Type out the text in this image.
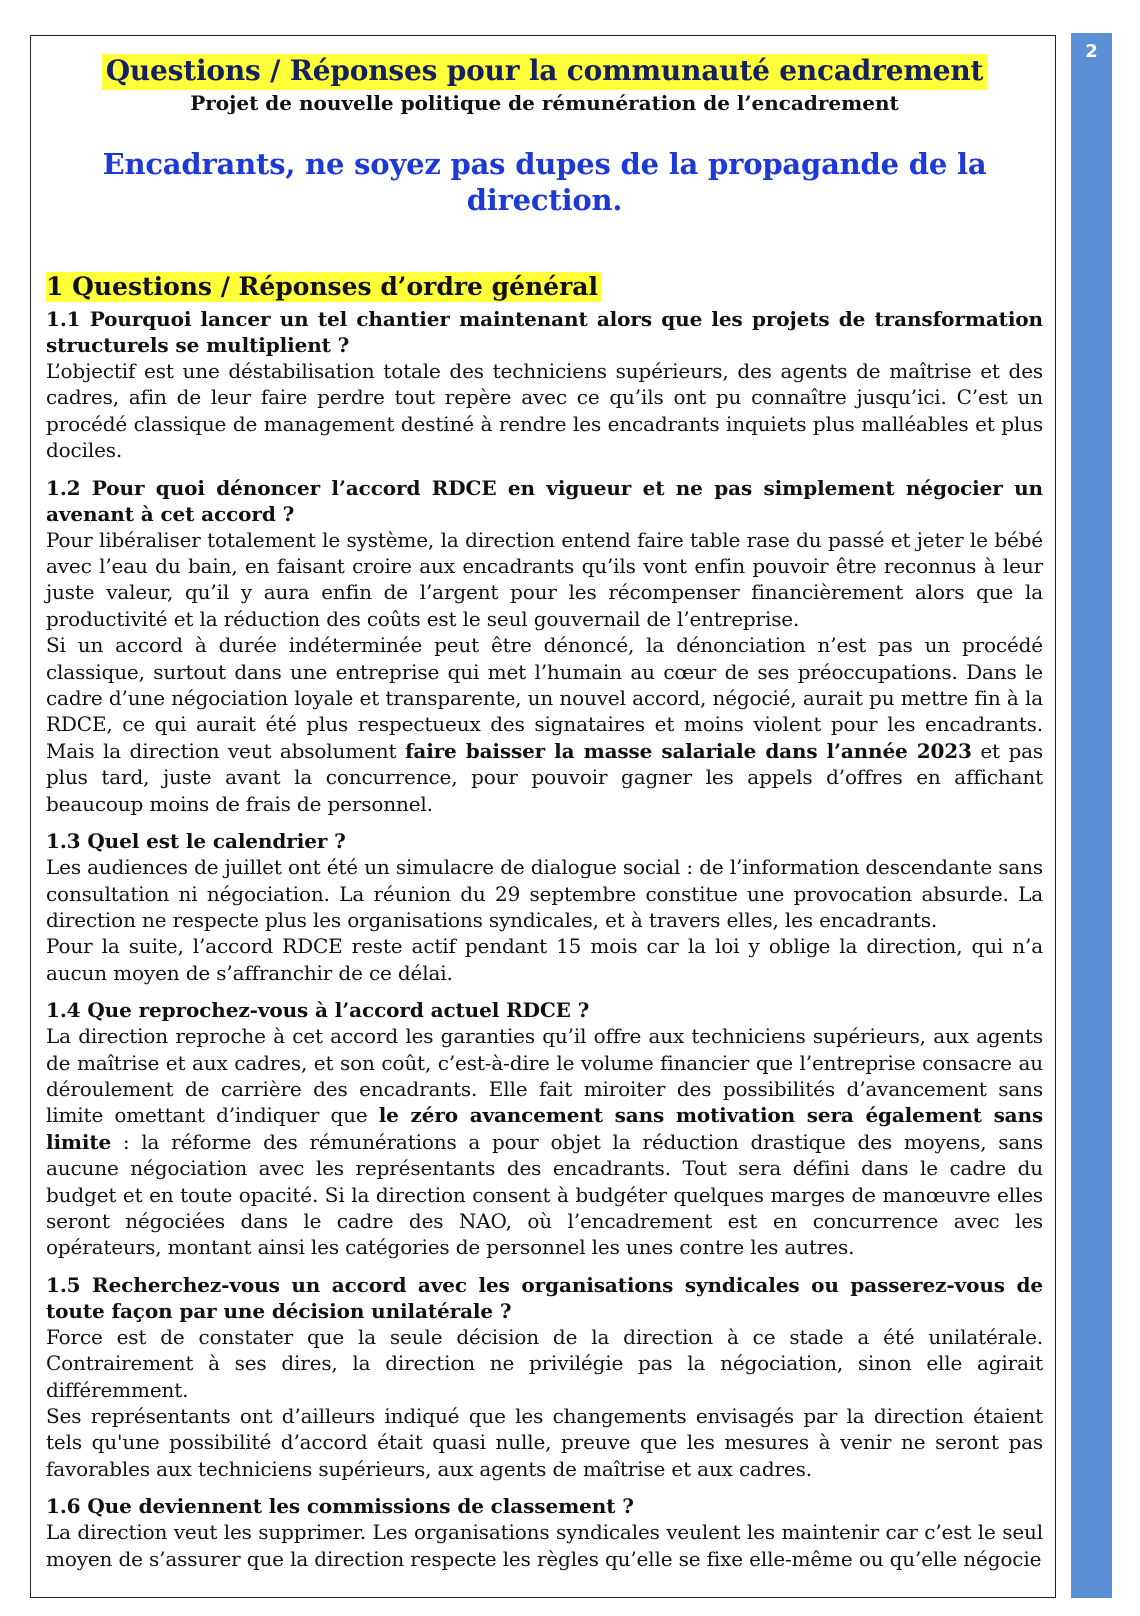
2
Questions / Réponses pour la communauté encadrement
Projet de nouvelle politique de rémunération de l’encadrement
Encadrants, ne soyez pas dupes de la propagande de la direction.
1 Questions / Réponses d’ordre général

1.1 Pourquoi lancer un tel chantier maintenant alors que les projets de transformation structurels se multiplient ?

L’objectif est une déstabilisation totale des techniciens supérieurs, des agents de maîtrise et des cadres, afin de leur faire perdre tout repère avec ce qu’ils ont pu connaître jusqu’ici. C’est un procédé classique de management destiné à rendre les encadrants inquiets plus malléables et plus dociles.

1.2 Pour quoi dénoncer l’accord RDCE en vigueur et ne pas simplement négocier un avenant à cet accord ?

Pour libéraliser totalement le système, la direction entend faire table rase du passé et jeter le bébé avec l’eau du bain, en faisant croire aux encadrants qu’ils vont enfin pouvoir être reconnus à leur juste valeur, qu’il y aura enfin de l’argent pour les récompenser financièrement alors que la productivité et la réduction des coûts est le seul gouvernail de l’entreprise.

Si un accord à durée indéterminée peut être dénoncé, la dénonciation n’est pas un procédé classique, surtout dans une entreprise qui met l’humain au cœur de ses préoccupations. Dans le cadre d’une négociation loyale et transparente, un nouvel accord, négocié, aurait pu mettre fin à la RDCE, ce qui aurait été plus respectueux des signataires et moins violent pour les encadrants. Mais la direction veut absolument faire baisser la masse salariale dans l’année 2023 et pas plus tard, juste avant la concurrence, pour pouvoir gagner les appels d’offres en affichant beaucoup moins de frais de personnel.

1.3 Quel est le calendrier ?

Les audiences de juillet ont été un simulacre de dialogue social : de l’information descendante sans consultation ni négociation. La réunion du 29 septembre constitue une provocation absurde. La direction ne respecte plus les organisations syndicales, et à travers elles, les encadrants.

Pour la suite, l’accord RDCE reste actif pendant 15 mois car la loi y oblige la direction, qui n’a aucun moyen de s’affranchir de ce délai.

1.4 Que reprochez-vous à l’accord actuel RDCE ?

La direction reproche à cet accord les garanties qu’il offre aux techniciens supérieurs, aux agents de maîtrise et aux cadres, et son coût, c’est-à-dire le volume financier que l’entreprise consacre au déroulement de carrière des encadrants. Elle fait miroiter des possibilités d’avancement sans limite omettant d’indiquer que le zéro avancement sans motivation sera également sans limite : la réforme des rémunérations a pour objet la réduction drastique des moyens, sans aucune négociation avec les représentants des encadrants. Tout sera défini dans le cadre du budget et en toute opacité. Si la direction consent à budgéter quelques marges de manœuvre elles seront négociées dans le cadre des NAO, où l’encadrement est en concurrence avec les opérateurs, montant ainsi les catégories de personnel les unes contre les autres.

1.5 Recherchez-vous un accord avec les organisations syndicales ou passerez-vous de toute façon par une décision unilatérale ?

Force est de constater que la seule décision de la direction à ce stade a été unilatérale. Contrairement à ses dires, la direction ne privilégie pas la négociation, sinon elle agirait différemment.

Ses représentants ont d’ailleurs indiqué que les changements envisagés par la direction étaient tels qu'une possibilité d’accord était quasi nulle, preuve que les mesures à venir ne seront pas favorables aux techniciens supérieurs, aux agents de maîtrise et aux cadres.

1.6 Que deviennent les commissions de classement ?

La direction veut les supprimer. Les organisations syndicales veulent les maintenir car c’est le seul moyen de s’assurer que la direction respecte les règles qu’elle se fixe elle-même ou qu’elle négocie
